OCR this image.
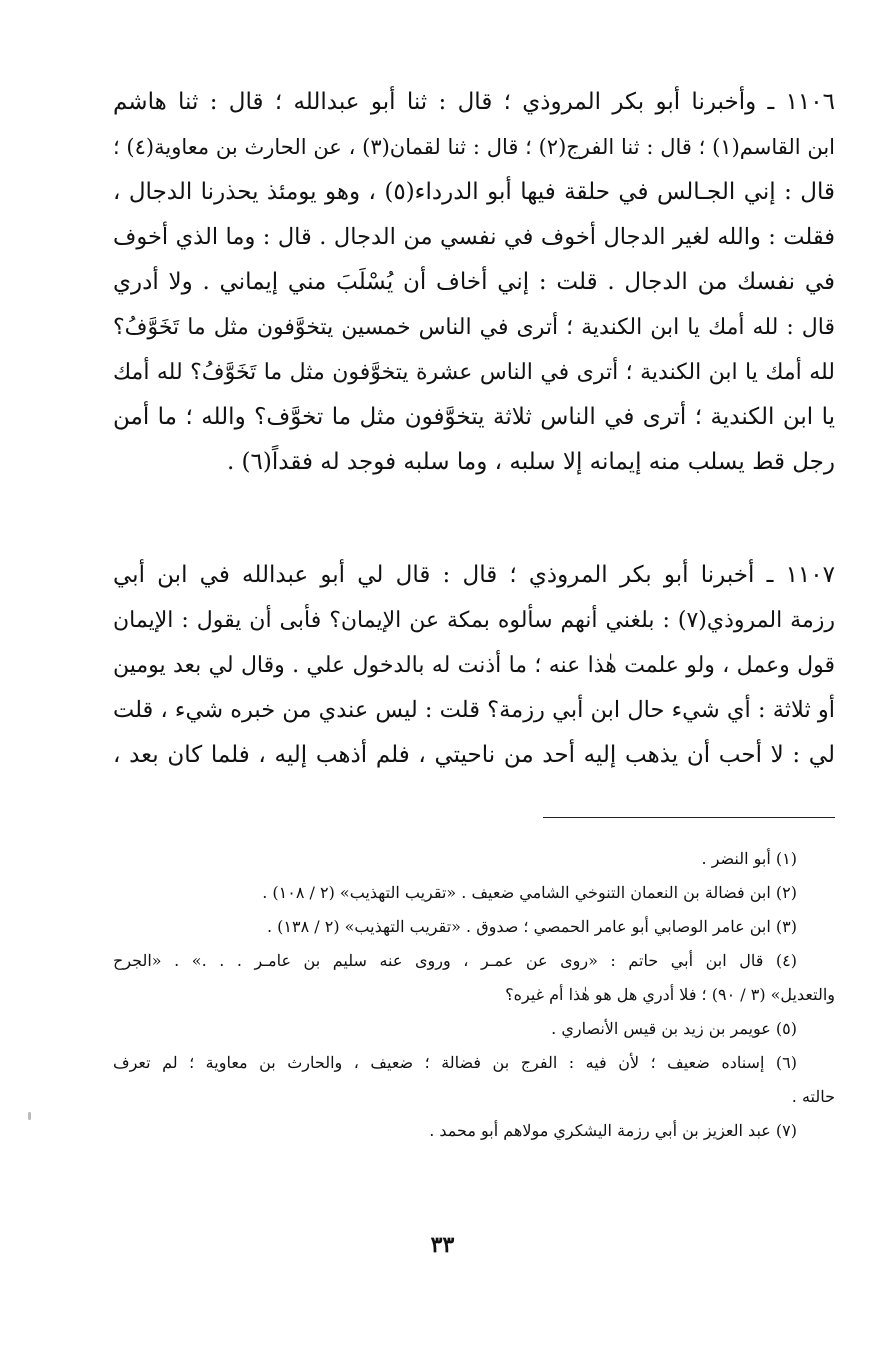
١١٠٦ ـ وأخبرنا أبو بكر المروذي ؛ قال : ثنا أبو عبدالله ؛ قال : ثنا هاشم
ابن القاسم(١) ؛ قال : ثنا الفرج(٢) ؛ قال : ثنا لقمان(٣) ، عن الحارث بن معاوية(٤) ؛
قال : إني الجـالس في حلقة فيها أبو الدرداء(٥) ، وهو يومئذ يحذرنا الدجال ،
فقلت : والله لغير الدجال أخوف في نفسي من الدجال . قال : وما الذي أخوف
في نفسك من الدجال . قلت : إني أخاف أن يُسْلَبَ مني إيماني . ولا أدري
قال : لله أمك يا ابن الكندية ؛ أترى في الناس خمسين يتخوَّفون مثل ما تَخَوَّفُ؟
لله أمك يا ابن الكندية ؛ أترى في الناس عشرة يتخوَّفون مثل ما تَخَوَّفُ؟ لله أمك
يا ابن الكندية ؛ أترى في الناس ثلاثة يتخوَّفون مثل ما تخوَّف؟ والله ؛ ما أمن
رجل قط يسلب منه إيمانه إلا سلبه ، وما سلبه فوجد له فقداً(٦) .
١١٠٧ ـ أخبرنا أبو بكر المروذي ؛ قال : قال لي أبو عبدالله في ابن أبي
رزمة المروذي(٧) : بلغني أنهم سألوه بمكة عن الإيمان؟ فأبى أن يقول : الإيمان
قول وعمل ، ولو علمت هٰذا عنه ؛ ما أذنت له بالدخول علي . وقال لي بعد يومين
أو ثلاثة : أي شيء حال ابن أبي رزمة؟ قلت : ليس عندي من خبره شيء ، قلت
لي : لا أحب أن يذهب إليه أحد من ناحيتي ، فلم أذهب إليه ، فلما كان بعد ،
(١) أبو النضر .
(٢) ابن فضالة بن النعمان التنوخي الشامي ضعيف . «تقريب التهذيب» (٢ / ١٠٨) .
(٣) ابن عامر الوصابي أبو عامر الحمصي ؛ صدوق . «تقريب التهذيب» (٢ / ١٣٨) .
(٤) قال ابن أبي حاتم : «روى عن عمـر ، وروى عنه سليم بن عامـر . . .» . «الجرح
والتعديل» (٣ / ٩٠) ؛ فلا أدري هل هو هٰذا أم غيره؟
(٥) عويمر بن زيد بن قيس الأنصاري .
(٦) إسناده ضعيف ؛ لأن فيه : الفرج بن فضالة ؛ ضعيف ، والحارث بن معاوية ؛ لم تعرف
حالته .
(٧) عبد العزيز بن أبي رزمة اليشكري مولاهم أبو محمد .
٣٣
